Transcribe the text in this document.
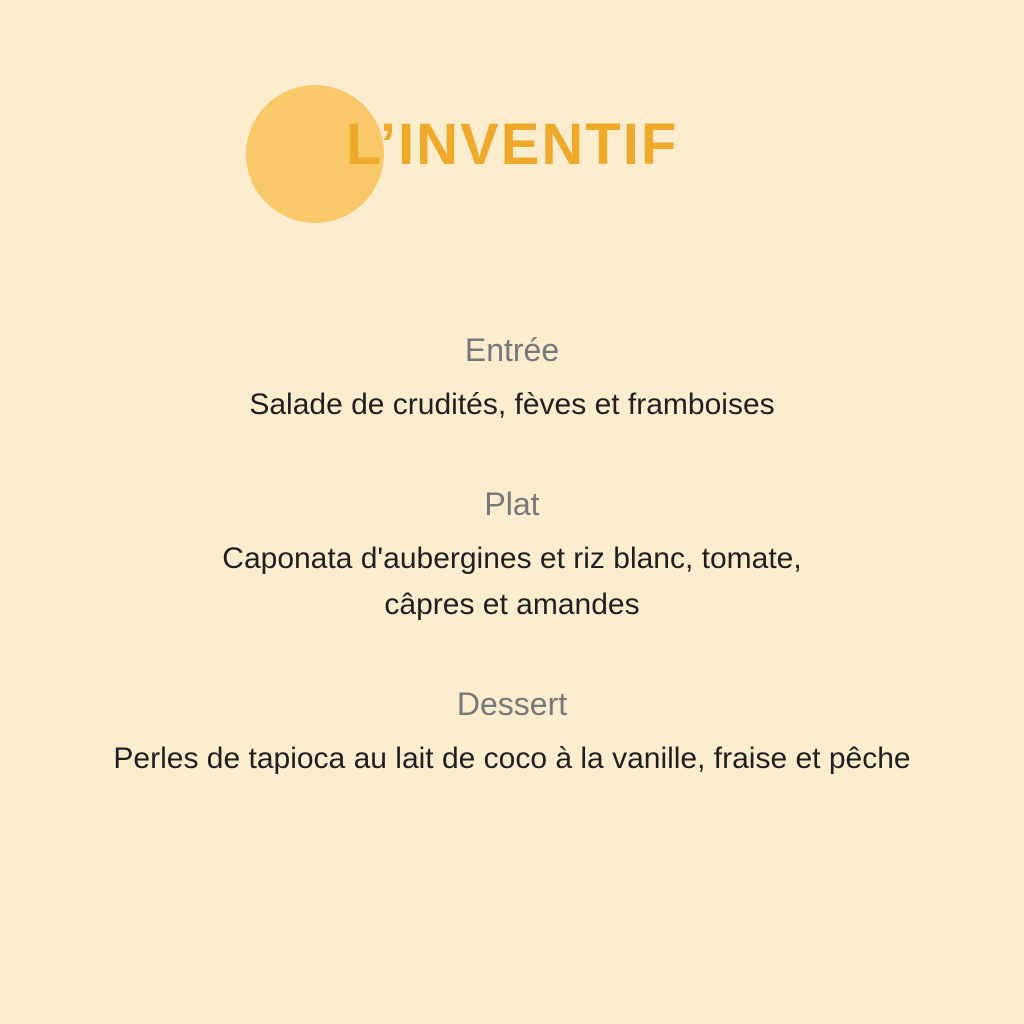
L’INVENTIF
Entrée
Salade de crudités, fèves et framboises
Plat
Caponata d'aubergines et riz blanc, tomate,
câpres et amandes
Dessert
Perles de tapioca au lait de coco à la vanille, fraise et pêche
